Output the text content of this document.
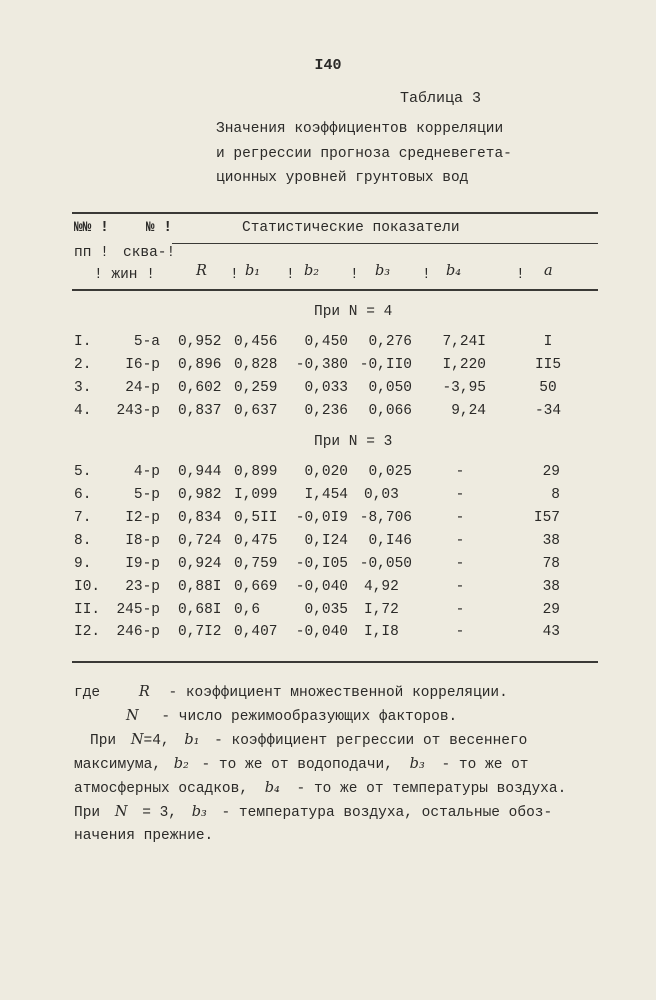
I40
Таблица 3
Значения коэффициентов корреляции
и регрессии прогноза средневегета-
ционных уровней грунтовых вод
№№ !
пп !
№ !
сква-!
! жин !
Статистические показатели
R ! b₁ ! b₂ ! b₃ ! b₄	! a
При N = 4
При N = 3
I.	5-а 0,952 0,456	0,450	0,276	7,24I	I
2.	I6-р 0,896 0,828	-0,380 -0,II0	I,220	II5
3.	24-р 0,602 0,259	0,033	0,050	-3,95	50
4.	243-р 0,837 0,637	0,236	0,066	9,24	-34
5.	4-р 0,944 0,899	0,020	0,025	-	29
6.	5-р 0,982 I,099	I,454 0,03	-	8
7.	I2-р 0,834 0,5II	-0,0I9 -8,706	-	I57
8.	I8-р 0,724 0,475	0,I24	0,I46	-	38
9.	I9-р 0,924 0,759	-0,I05 -0,050	-	78
I0.	23-р 0,88I 0,669	-0,040 4,92	-	38
II.	245-р 0,68I 0,6	0,035 I,72	-	29
I2.	246-р 0,7I2 0,407	-0,040 I,I8	-	43
где	R - коэффициент множественной корреляции.
N - число режимообразующих факторов.
При N=4, b₁ - коэффициент регрессии от весеннего
максимума, b₂ - то же от водоподачи, b₃ - то же от
атмосферных осадков, b₄ - то же от температуры воздуха.
При N = 3, b₃ - температура воздуха, остальные обоз-
начения прежние.
